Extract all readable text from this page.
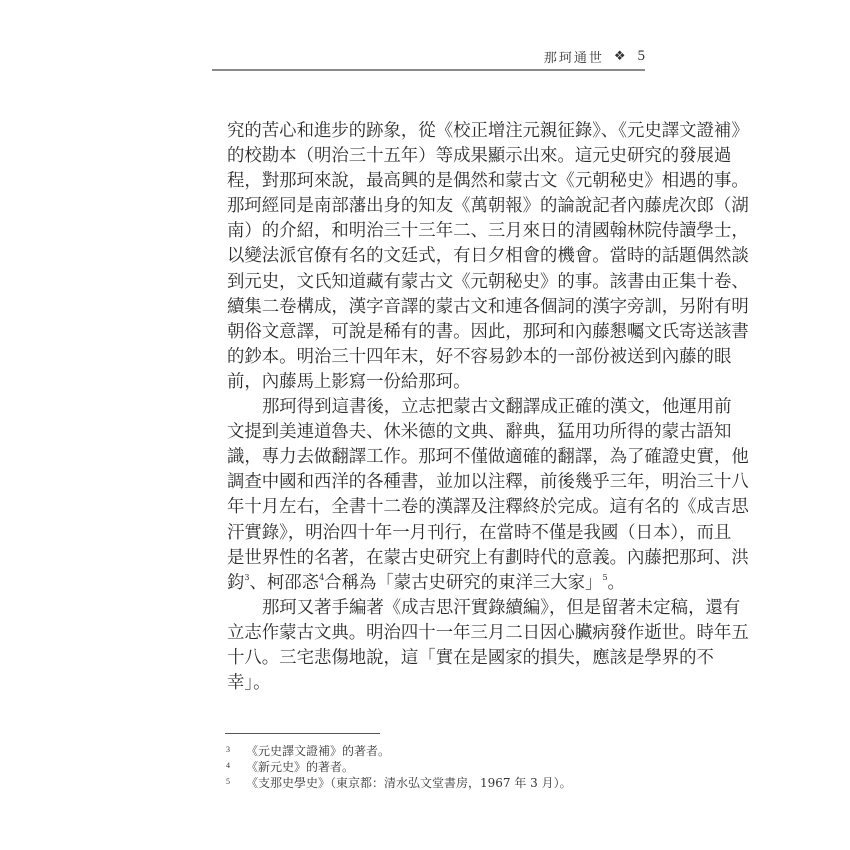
那珂通世 ❖ 5
究的苦心和進步的跡象，從《校正增注元親征錄》、《元史譯文證補》
的校勘本（明治三十五年）等成果顯示出來。這元史研究的發展過
程，對那珂來說，最高興的是偶然和蒙古文《元朝秘史》相遇的事。
那珂經同是南部藩出身的知友《萬朝報》的論說記者內藤虎次郎（湖
南）的介紹，和明治三十三年二、三月來日的清國翰林院侍讀學士，
以變法派官僚有名的文廷式，有日夕相會的機會。當時的話題偶然談
到元史，文氏知道藏有蒙古文《元朝秘史》的事。該書由正集十卷、
續集二卷構成，漢字音譯的蒙古文和連各個詞的漢字旁訓，另附有明
朝俗文意譯，可說是稀有的書。因此，那珂和內藤懇囑文氏寄送該書
的鈔本。明治三十四年末，好不容易鈔本的一部份被送到內藤的眼
前，內藤馬上影寫一份給那珂。
那珂得到這書後，立志把蒙古文翻譯成正確的漢文，他運用前
文提到美連道魯夫、休米德的文典、辭典，猛用功所得的蒙古語知
識，專力去做翻譯工作。那珂不僅做適確的翻譯，為了確證史實，他
調查中國和西洋的各種書，並加以注釋，前後幾乎三年，明治三十八
年十月左右，全書十二卷的漢譯及注釋終於完成。這有名的《成吉思
汗實錄》，明治四十年一月刊行，在當時不僅是我國（日本），而且
是世界性的名著，在蒙古史研究上有劃時代的意義。內藤把那珂、洪
鈞$^3$、柯邵忞$^4$合稱為「蒙古史研究的東洋三大家」$^5$。
那珂又著手編著《成吉思汗實錄續編》，但是留著未定稿，還有
立志作蒙古文典。明治四十一年三月二日因心臟病發作逝世。時年五
十八。三宅悲傷地說，這「實在是國家的損失，應該是學界的不
幸」。
3	《元史譯文證補》的著者。
4	《新元史》的著者。
5	《支那史學史》（東京都：清水弘文堂書房，1967 年 3 月）。
